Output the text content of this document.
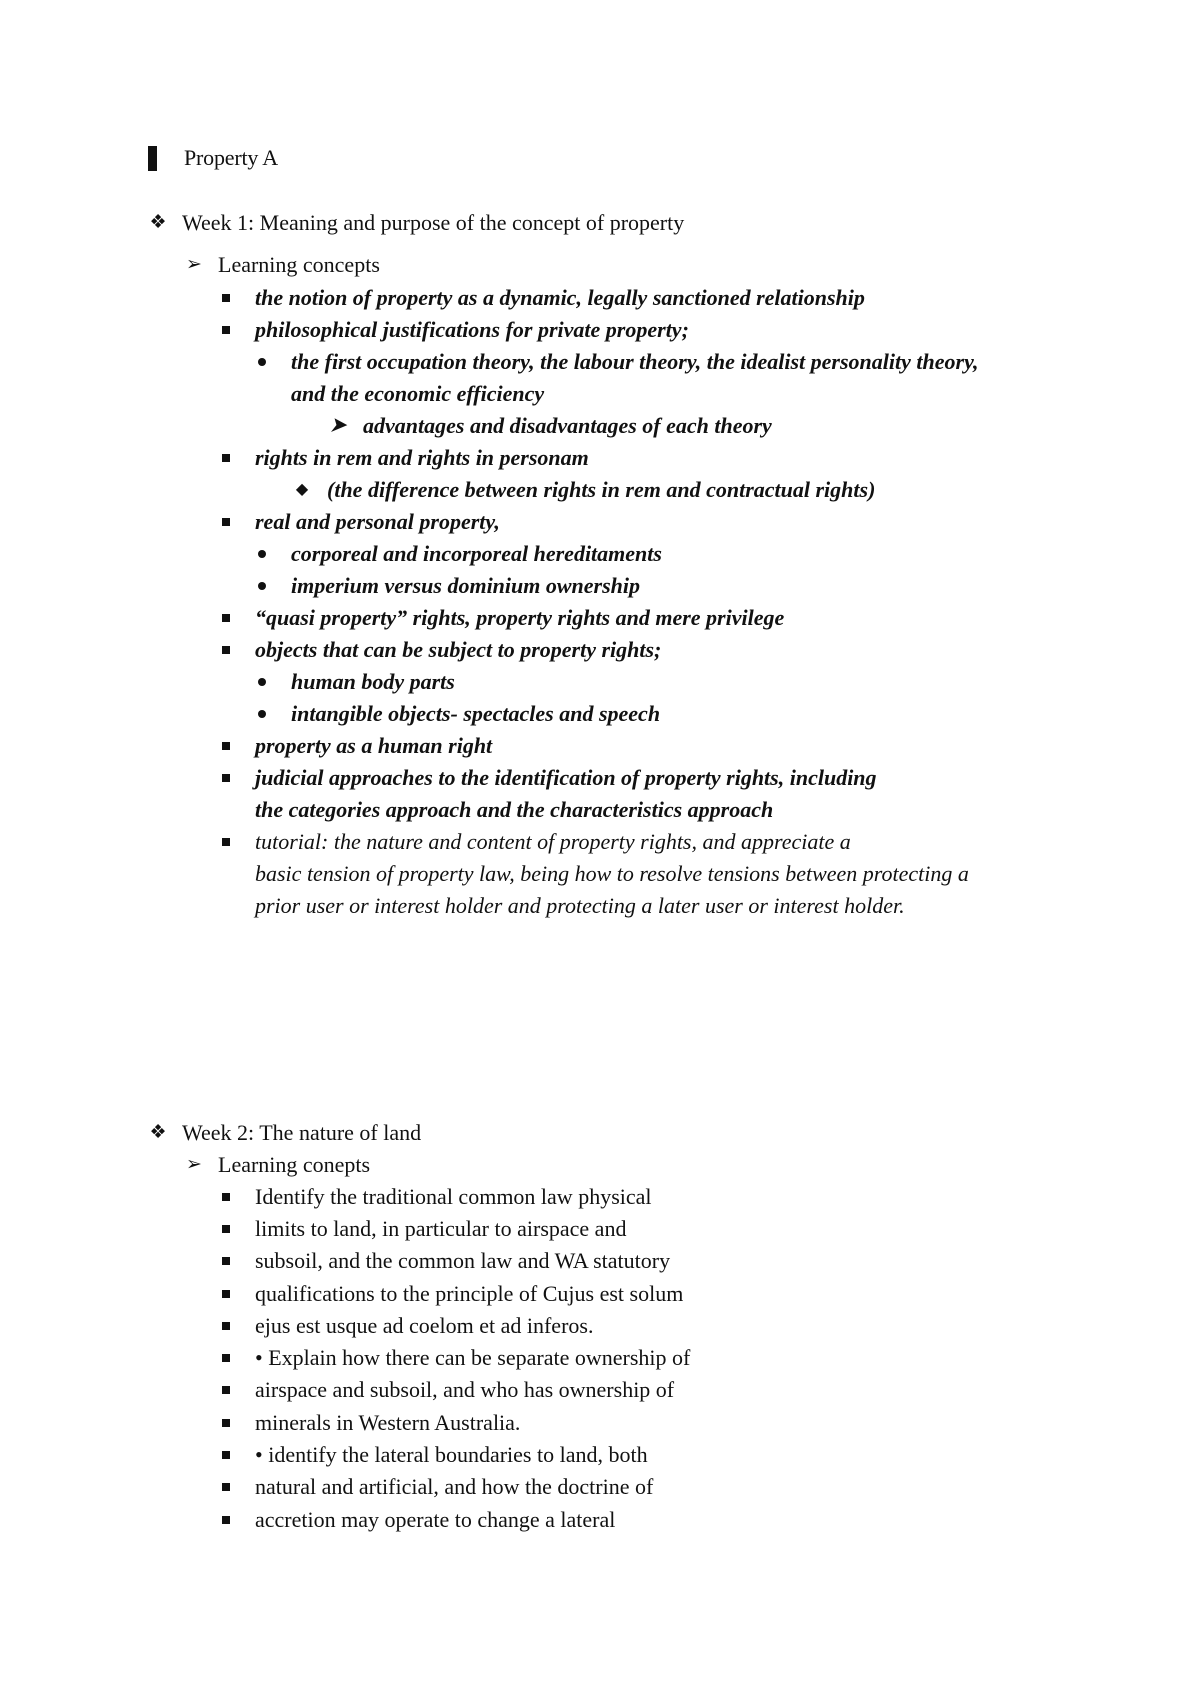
Property A
❖ Week 1: Meaning and purpose of the concept of property
➢ Learning concepts
the notion of property as a dynamic, legally sanctioned relationship
philosophical justifications for private property;
the first occupation theory, the labour theory, the idealist personality theory,
and the economic efficiency
➤ advantages and disadvantages of each theory
rights in rem and rights in personam
◆ (the difference between rights in rem and contractual rights)
real and personal property,
corporeal and incorporeal hereditaments
imperium versus dominium ownership
“quasi property” rights, property rights and mere privilege
objects that can be subject to property rights;
human body parts
intangible objects- spectacles and speech
property as a human right
judicial approaches to the identification of property rights, including
the categories approach and the characteristics approach
tutorial: the nature and content of property rights, and appreciate a
basic tension of property law, being how to resolve tensions between protecting a
prior user or interest holder and protecting a later user or interest holder.
❖ Week 2: The nature of land
➢ Learning conepts
Identify the traditional common law physical
limits to land, in particular to airspace and
subsoil, and the common law and WA statutory
qualifications to the principle of Cujus est solum
ejus est usque ad coelom et ad inferos.
• Explain how there can be separate ownership of
airspace and subsoil, and who has ownership of
minerals in Western Australia.
• identify the lateral boundaries to land, both
natural and artificial, and how the doctrine of
accretion may operate to change a lateral
